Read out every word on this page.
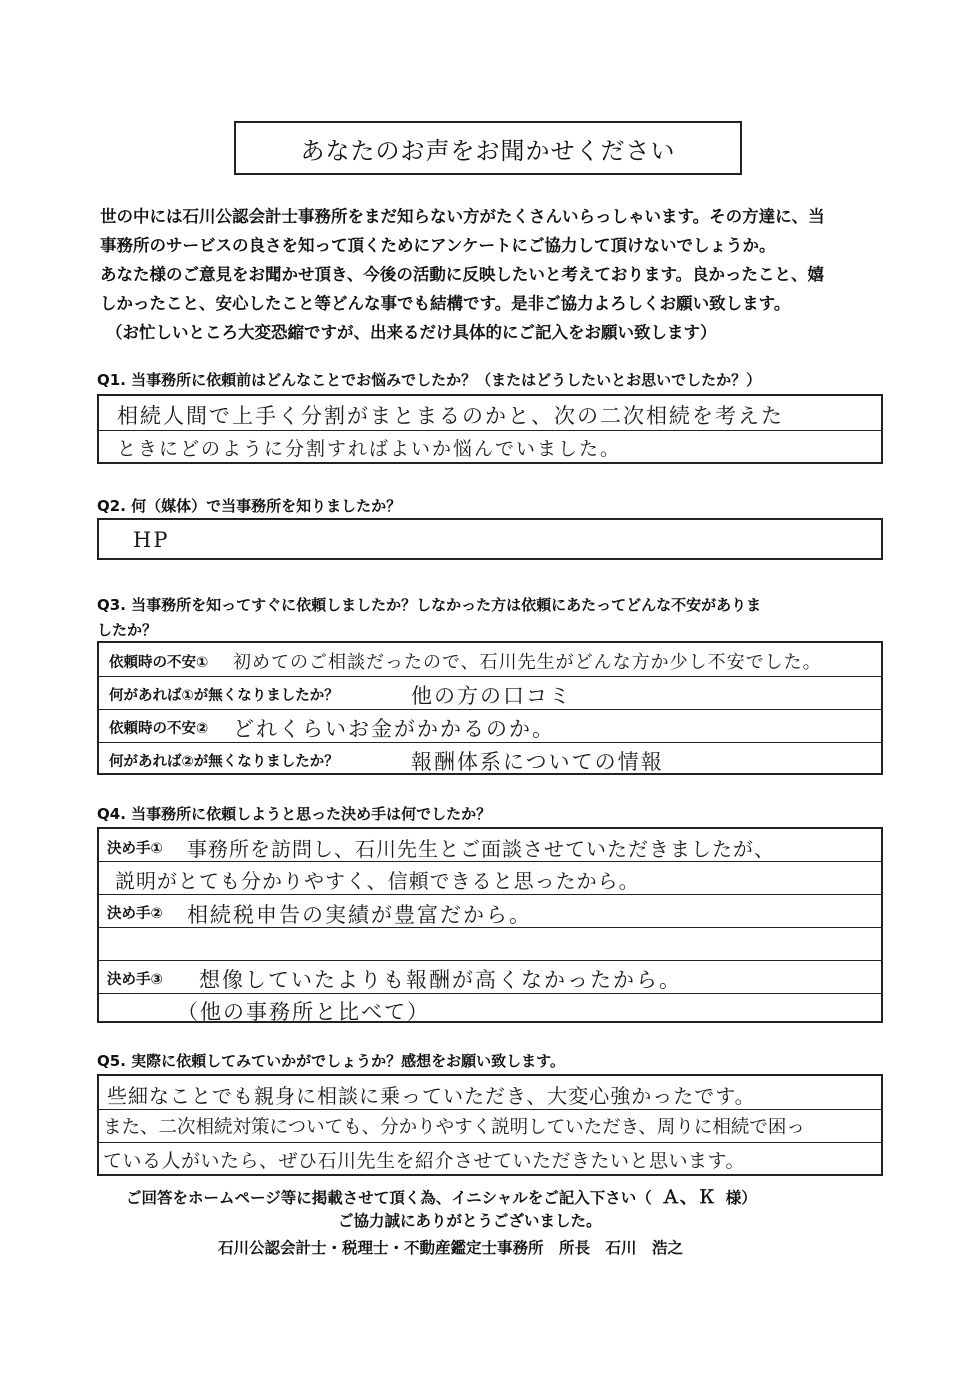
あなたのお声をお聞かせください
世の中には石川公認会計士事務所をまだ知らない方がたくさんいらっしゃいます。その方達に、当
事務所のサービスの良さを知って頂くためにアンケートにご協力して頂けないでしょうか。
あなた様のご意見をお聞かせ頂き、今後の活動に反映したいと考えております。良かったこと、嬉
しかったこと、安心したこと等どんな事でも結構です。是非ご協力よろしくお願い致します。
（お忙しいところ大変恐縮ですが、出来るだけ具体的にご記入をお願い致します）
Q1. 当事務所に依頼前はどんなことでお悩みでしたか？（またはどうしたいとお思いでしたか？）
相続人間で上手く分割がまとまるのかと、次の二次相続を考えた
ときにどのように分割すればよいか悩んでいました。
Q2. 何（媒体）で当事務所を知りましたか？
HP
Q3. 当事務所を知ってすぐに依頼しましたか？しなかった方は依頼にあたってどんな不安がありま
したか？
依頼時の不安① 初めてのご相談だったので、石川先生がどんな方か少し不安でした。
何があれば①が無くなりましたか？	他の方の口コミ
依頼時の不安② どれくらいお金がかかるのか。
何があれば②が無くなりましたか？	報酬体系についての情報
Q4. 当事務所に依頼しようと思った決め手は何でしたか？
決め手① 事務所を訪問し、石川先生とご面談させていただきましたが、
説明がとても分かりやすく、信頼できると思ったから。
決め手② 相続税申告の実績が豊富だから。
決め手③ 想像していたよりも報酬が高くなかったから。
（他の事務所と比べて）
Q5. 実際に依頼してみていかがでしょうか？感想をお願い致します。
些細なことでも親身に相談に乗っていただき、大変心強かったです。
また、二次相続対策についても、分かりやすく説明していただき、周りに相続で困っ
ている人がいたら、ぜひ石川先生を紹介させていただきたいと思います。
ご回答をホームページ等に掲載させて頂く為、イニシャルをご記入下さい（ Ａ、Ｋ 様）
ご協力誠にありがとうございました。
石川公認会計士・税理士・不動産鑑定士事務所　所長　石川　浩之
